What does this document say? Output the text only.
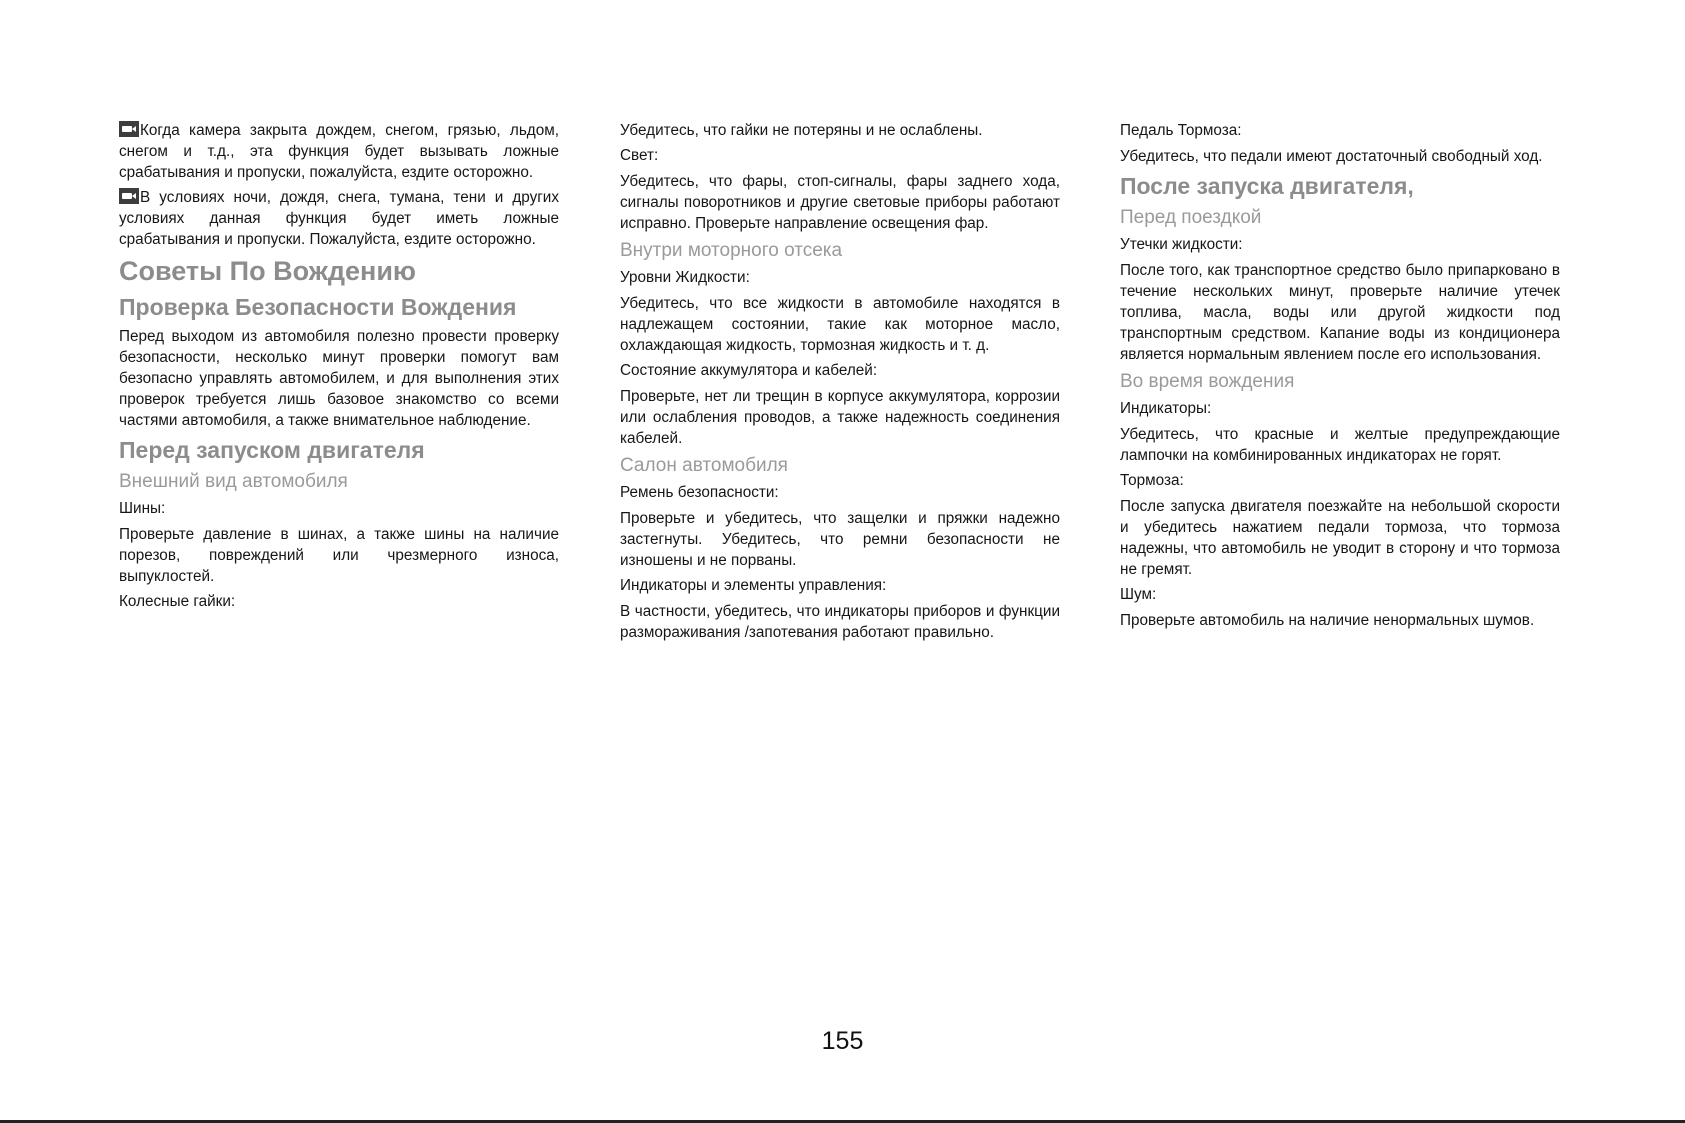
Когда камера закрыта дождем, снегом, грязью, льдом, снегом и т.д., эта функция будет вызывать ложные срабатывания и пропуски, пожалуйста, ездите осторожно.

В условиях ночи, дождя, снега, тумана, тени и других условиях данная функция будет иметь ложные срабатывания и пропуски. Пожалуйста, ездите осторожно.

Советы По Вождению
Проверка Безопасности Вождения

Перед выходом из автомобиля полезно провести проверку безопасности, несколько минут проверки помогут вам безопасно управлять автомобилем, и для выполнения этих проверок требуется лишь базовое знакомство со всеми частями автомобиля, а также внимательное наблюдение.

Перед запуском двигателя
Внешний вид автомобиля

Шины:

Проверьте давление в шинах, а также шины на наличие порезов, повреждений или чрезмерного износа, выпуклостей.

Колесные гайки:

Убедитесь, что гайки не потеряны и не ослаблены.

Свет:

Убедитесь, что фары, стоп-сигналы, фары заднего хода, сигналы поворотников и другие световые приборы работают исправно. Проверьте направление освещения фар.

Внутри моторного отсека

Уровни Жидкости:

Убедитесь, что все жидкости в автомобиле находятся в надлежащем состоянии, такие как моторное масло, охлаждающая жидкость, тормозная жидкость и т. д.

Состояние аккумулятора и кабелей:

Проверьте, нет ли трещин в корпусе аккумулятора, коррозии или ослабления проводов, а также надежность соединения кабелей.

Салон автомобиля

Ремень безопасности:

Проверьте и убедитесь, что защелки и пряжки надежно застегнуты. Убедитесь, что ремни безопасности не изношены и не порваны.

Индикаторы и элементы управления:

В частности, убедитесь, что индикаторы приборов и функции размораживания /запотевания работают правильно.

Педаль Тормоза:

Убедитесь, что педали имеют достаточный свободный ход.

После запуска двигателя,
Перед поездкой

Утечки жидкости:

После того, как транспортное средство было припарковано в течение нескольких минут, проверьте наличие утечек топлива, масла, воды или другой жидкости под транспортным средством. Капание воды из кондиционера является нормальным явлением после его использования.

Во время вождения

Индикаторы:

Убедитесь, что красные и желтые предупреждающие лампочки на комбинированных индикаторах не горят.

Тормоза:

После запуска двигателя поезжайте на небольшой скорости и убедитесь нажатием педали тормоза, что тормоза надежны, что автомобиль не уводит в сторону и что тормоза не гремят.

Шум:

Проверьте автомобиль на наличие ненормальных шумов.

155
